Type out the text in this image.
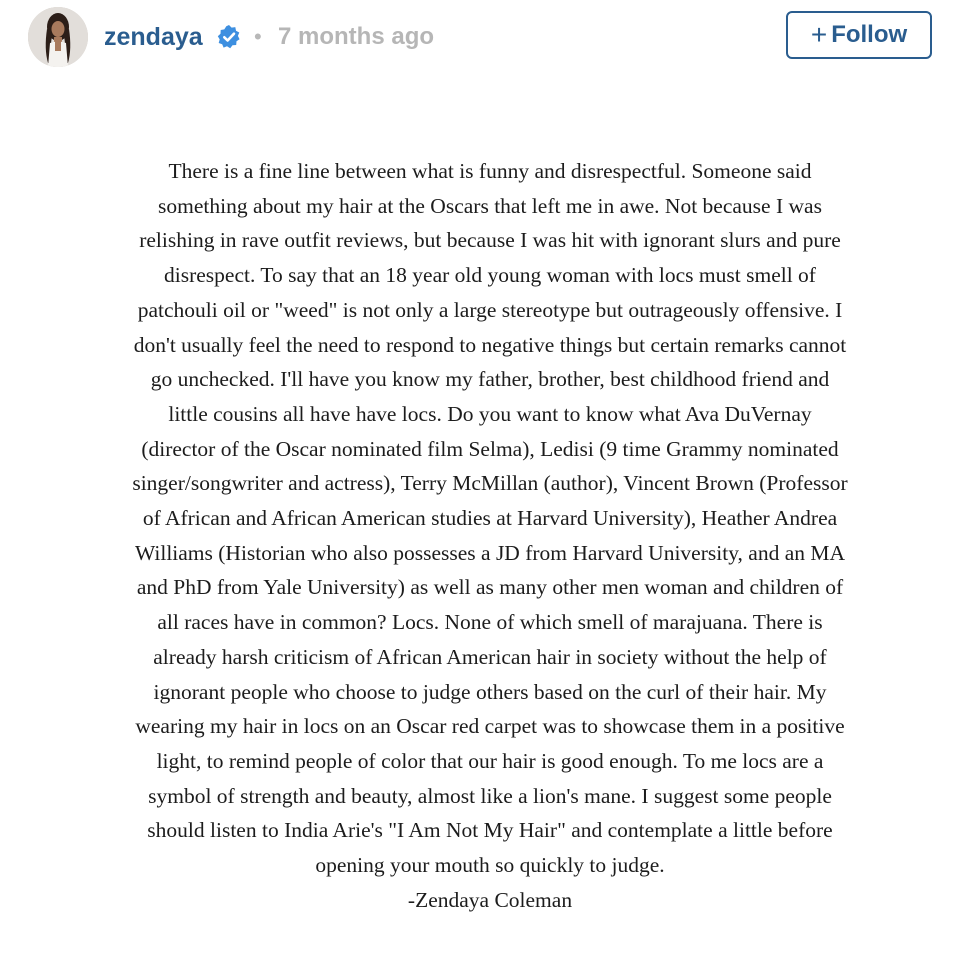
zendaya • 7 months ago	+ Follow
There is a fine line between what is funny and disrespectful. Someone said
something about my hair at the Oscars that left me in awe. Not because I was
relishing in rave outfit reviews, but because I was hit with ignorant slurs and pure
disrespect. To say that an 18 year old young woman with locs must smell of
patchouli oil or "weed" is not only a large stereotype but outrageously offensive. I
don't usually feel the need to respond to negative things but certain remarks cannot
go unchecked. I'll have you know my father, brother, best childhood friend and
little cousins all have have locs. Do you want to know what Ava DuVernay
(director of the Oscar nominated film Selma), Ledisi (9 time Grammy nominated
singer/songwriter and actress), Terry McMillan (author), Vincent Brown (Professor
of African and African American studies at Harvard University), Heather Andrea
Williams (Historian who also possesses a JD from Harvard University, and an MA
and PhD from Yale University) as well as many other men woman and children of
all races have in common? Locs. None of which smell of marajuana. There is
already harsh criticism of African American hair in society without the help of
ignorant people who choose to judge others based on the curl of their hair. My
wearing my hair in locs on an Oscar red carpet was to showcase them in a positive
light, to remind people of color that our hair is good enough. To me locs are a
symbol of strength and beauty, almost like a lion's mane. I suggest some people
should listen to India Arie's "I Am Not My Hair" and contemplate a little before
opening your mouth so quickly to judge.
-Zendaya Coleman
